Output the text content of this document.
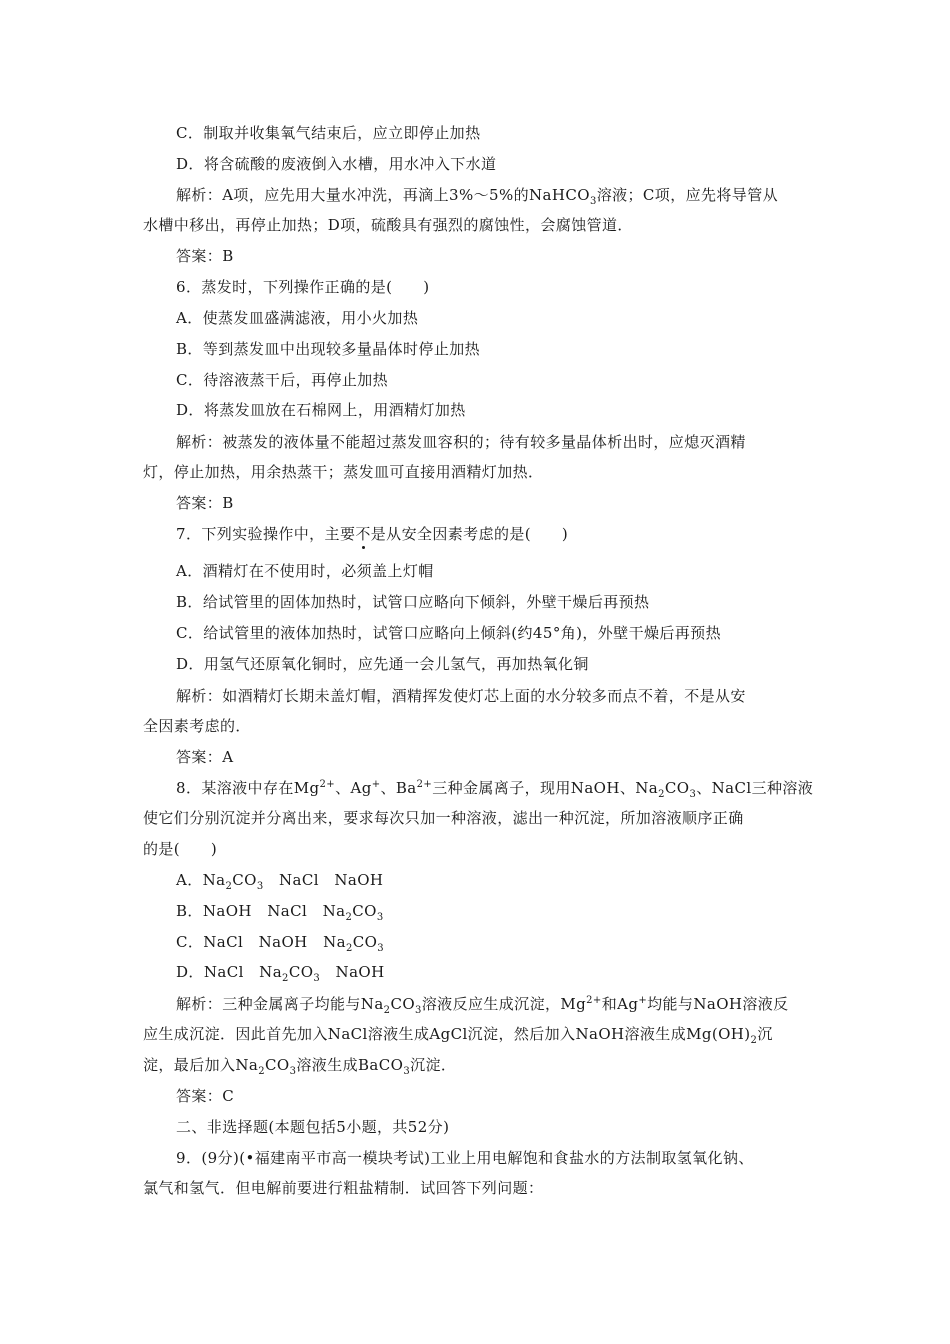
C．制取并收集氧气结束后，应立即停止加热
D．将含硫酸的废液倒入水槽，用水冲入下水道
解析：A项，应先用大量水冲洗，再滴上3%～5%的NaHCO$_3$溶液；C项，应先将导管从
水槽中移出，再停止加热；D项，硫酸具有强烈的腐蚀性，会腐蚀管道．
答案：B
6．蒸发时，下列操作正确的是(　　)
A．使蒸发皿盛满滤液，用小火加热
B．等到蒸发皿中出现较多量晶体时停止加热
C．待溶液蒸干后，再停止加热
D．将蒸发皿放在石棉网上，用酒精灯加热
解析：被蒸发的液体量不能超过蒸发皿容积的；待有较多量晶体析出时，应熄灭酒精
灯，停止加热，用余热蒸干；蒸发皿可直接用酒精灯加热．
答案：B
7．下列实验操作中，主要不是从安全因素考虑的是(　　)
A．酒精灯在不使用时，必须盖上灯帽
B．给试管里的固体加热时，试管口应略向下倾斜，外壁干燥后再预热
C．给试管里的液体加热时，试管口应略向上倾斜(约45°角)，外壁干燥后再预热
D．用氢气还原氧化铜时，应先通一会儿氢气，再加热氧化铜
解析：如酒精灯长期未盖灯帽，酒精挥发使灯芯上面的水分较多而点不着，不是从安
全因素考虑的．
答案：A
8．某溶液中存在$Mg^{2+}$、Ag+、$Ba^{2+}$三种金属离子，现用NaOH、$Na_2CO_3$、NaCl三种溶液
使它们分别沉淀并分离出来，要求每次只加一种溶液，滤出一种沉淀，所加溶液顺序正确
的是(　　)
A．$Na_2CO_3$　NaCl　NaOH
B．NaOH　NaCl　$Na_2CO_3$
C．NaCl　NaOH　$Na_2CO_3$
D．NaCl　$Na_2CO_3$　NaOH
解析：三种金属离子均能与$Na_2CO_3$溶液反应生成沉淀，$Mg^{2+}$和Ag+均能与NaOH溶液反
应生成沉淀．因此首先加入NaCl溶液生成AgCl沉淀，然后加入NaOH溶液生成$Mg(OH)_2$沉
淀，最后加入$Na_2CO_3$溶液生成BaCO$_3$沉淀．
答案：C
二、非选择题(本题包括5小题，共52分)
9．(9分)(•福建南平市高一模块考试)工业上用电解饱和食盐水的方法制取氢氧化钠、
氯气和氢气．但电解前要进行粗盐精制．试回答下列问题：
